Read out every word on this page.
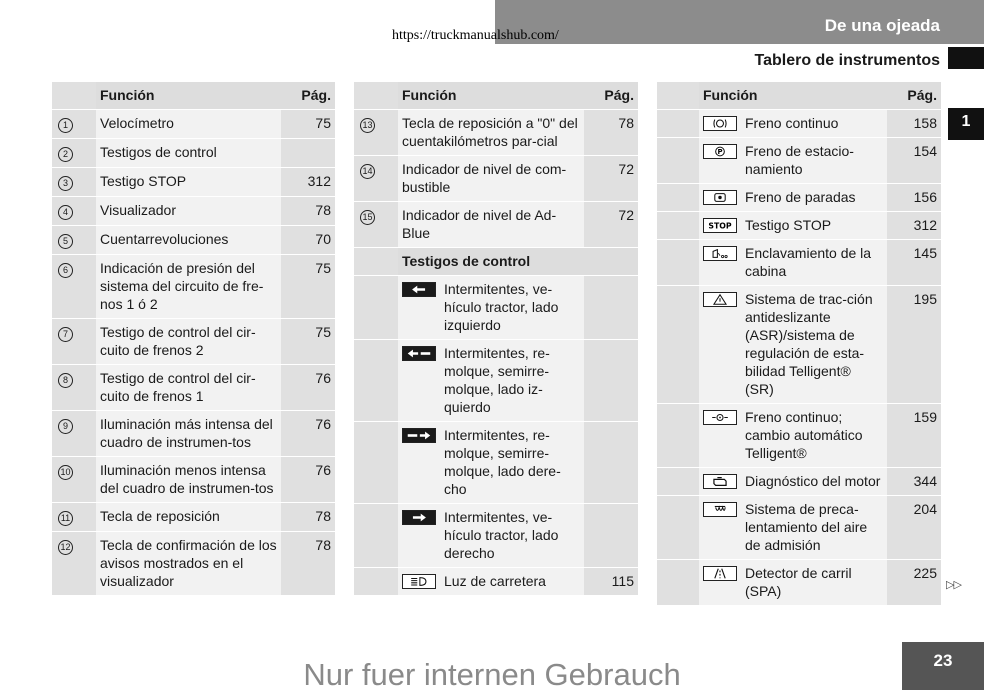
De una ojeada
https://truckmanualshub.com/
Tablero de instrumentos
1
▷▷
23
Nur fuer internen Gebrauch
	Función	Pág.
1	Velocímetro	75
2	Testigos de control	
3	Testigo STOP	312
4	Visualizador	78
5	Cuentarrevoluciones	70
6	Indicación de presión del sistema del circuito de fre-nos 1 ó 2	75
7	Testigo de control del cir-cuito de frenos 2	75
8	Testigo de control del cir-cuito de frenos 1	76
9	Iluminación más intensa del cuadro de instrumen-tos	76
10	Iluminación menos intensa del cuadro de instrumen-tos	76
11	Tecla de reposición	78
12	Tecla de confirmación de los avisos mostrados en el visualizador	78
	Función	Pág.
13	Tecla de reposición a "0" del cuentakilómetros par-cial	78
14	Indicador de nivel de com-bustible	72
15	Indicador de nivel de Ad-Blue	72
	Testigos de control	

	Intermitentes, ve-hículo tractor, lado izquierdo	

	Intermitentes, re-molque, semirre-molque, lado iz-quierdo	

	Intermitentes, re-molque, semirre-molque, lado dere-cho	

	Intermitentes, ve-hículo tractor, lado derecho	

	Luz de carretera	115
	Función	Pág.

	Freno continuo	158

P Freno de estacio-namiento	154

	Freno de paradas	156

STOP Testigo STOP	312

	Enclavamiento de la cabina	145

	Sistema de trac-ción antideslizante (ASR)/sistema de regulación de esta-bilidad Telligent® (SR)	195

	Freno continuo; cambio automático Telligent®	159

	Diagnóstico del motor	344

	Sistema de preca-lentamiento del aire de admisión	204

	Detector de carril (SPA)	225
